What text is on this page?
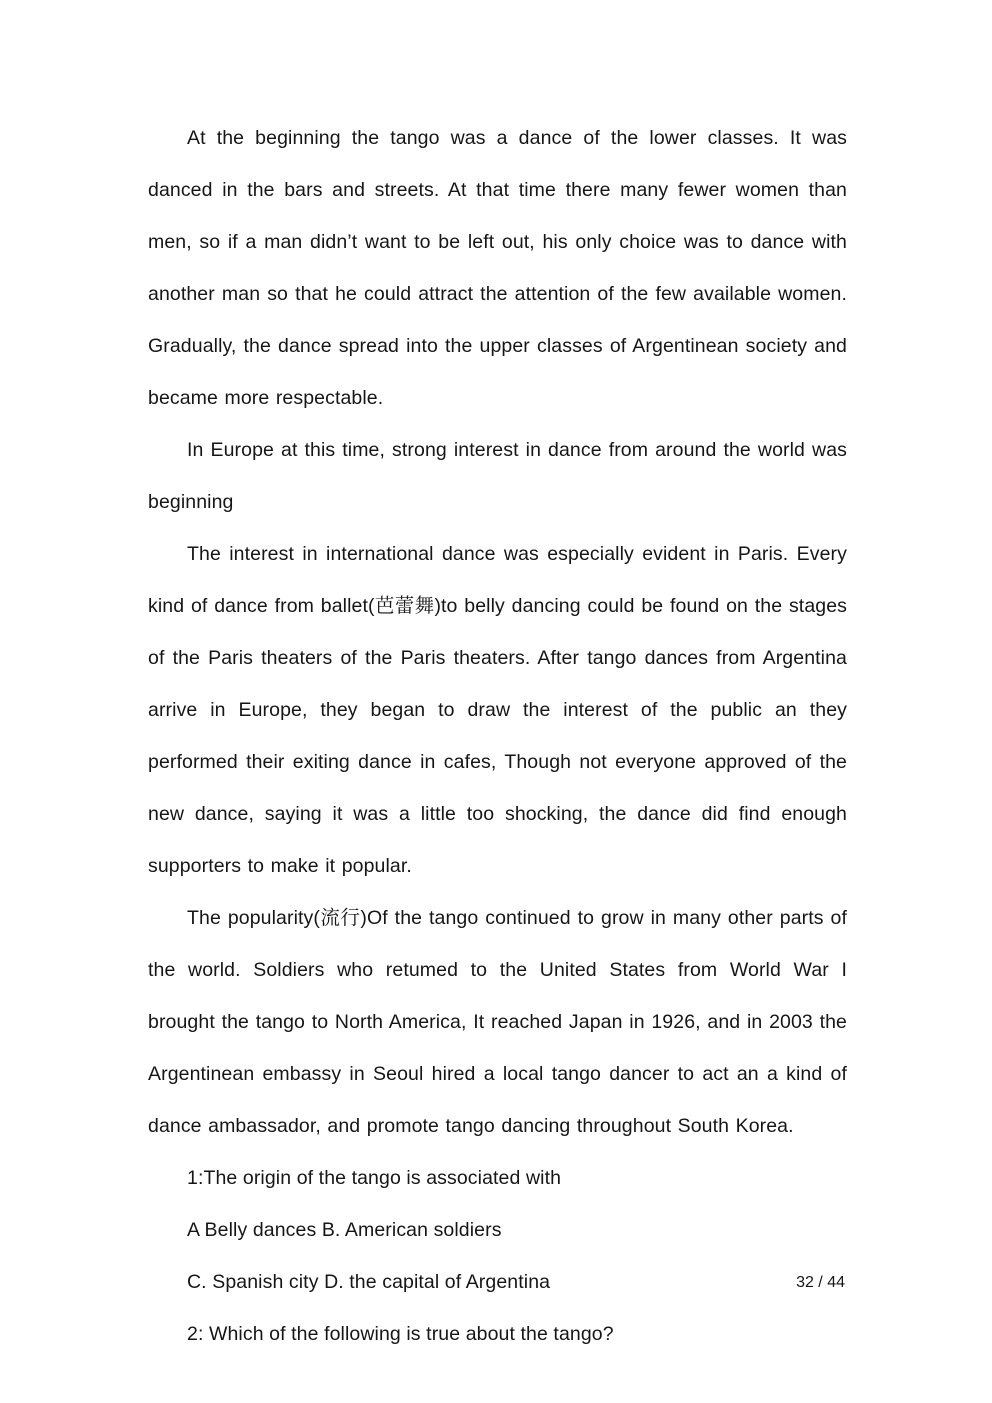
At the beginning the tango was a dance of the lower classes. It was danced in the bars and streets. At that time there many fewer women than men, so if a man didn’t want to be left out, his only choice was to dance with another man so that he could attract the attention of the few available women. Gradually, the dance spread into the upper classes of Argentinean society and became more respectable.

In Europe at this time, strong interest in dance from around the world was beginning

The interest in international dance was especially evident in Paris. Every kind of dance from ballet(芭蕾舞)to belly dancing could be found on the stages of the Paris theaters of the Paris theaters. After tango dances from Argentina arrive in Europe, they began to draw the interest of the public an they performed their exiting dance in cafes, Though not everyone approved of the new dance, saying it was a little too shocking, the dance did find enough supporters to make it popular.

The popularity(流行)Of the tango continued to grow in many other parts of the world. Soldiers who retumed to the United States from World War I brought the tango to North America, It reached Japan in 1926, and in 2003 the Argentinean embassy in Seoul hired a local tango dancer to act an a kind of dance ambassador, and promote tango dancing throughout South Korea.

1:The origin of the tango is associated with

A Belly dances B. American soldiers

C. Spanish city D. the capital of Argentina

2: Which of the following is true about the tango?

32 / 44
